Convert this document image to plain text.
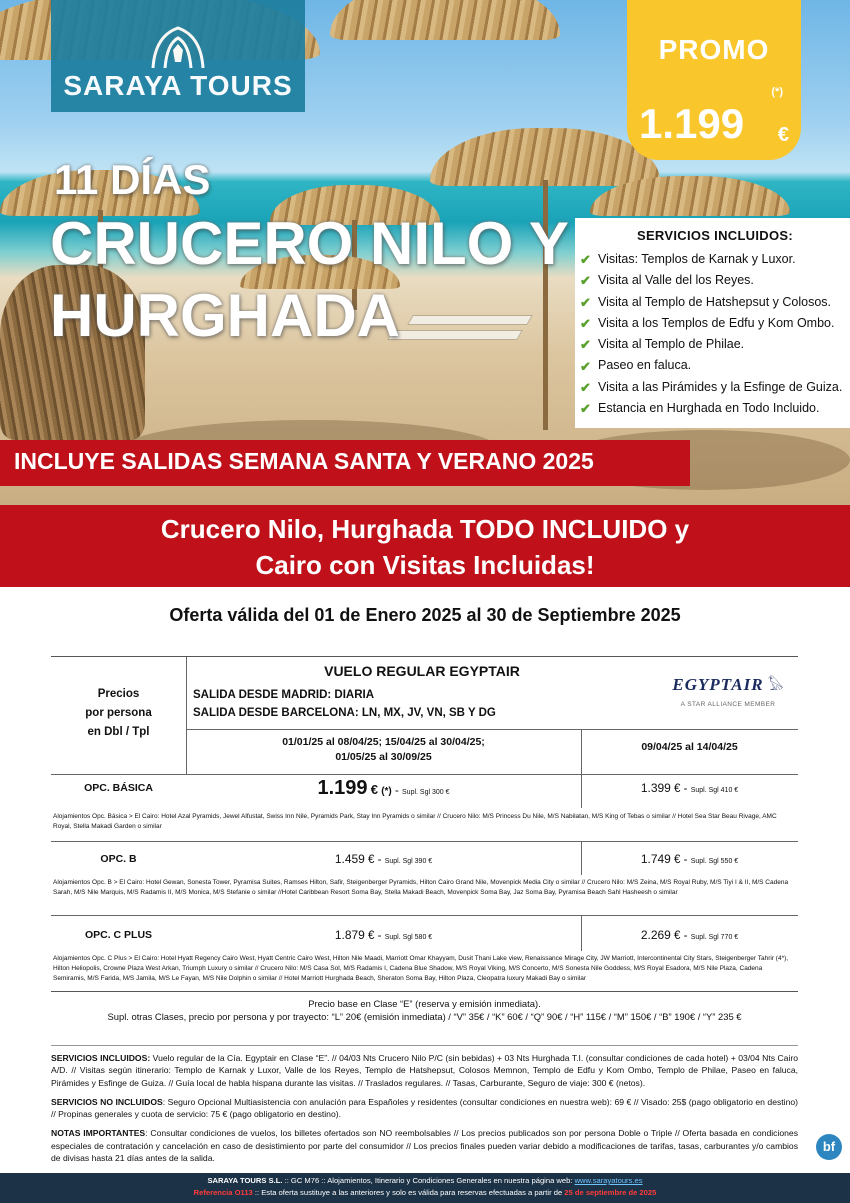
SARAYA TOURS
PROMO
(*)
1.199 €
11 DÍAS
CRUCERO NILO Y
HURGHADA
SERVICIOS INCLUIDOS:
✔ Visitas: Templos de Karnak y Luxor.
✔ Visita al Valle del los Reyes.
✔ Visita al Templo de Hatshepsut y Colosos.
✔ Visita a los Templos de Edfu y Kom Ombo.
✔ Visita al Templo de Philae.
✔ Paseo en faluca.
✔ Visita a las Pirámides y la Esfinge de Guiza.
✔ Estancia en Hurghada en Todo Incluido.
INCLUYE SALIDAS SEMANA SANTA Y VERANO 2025
Crucero Nilo, Hurghada TODO INCLUIDO y
Cairo con Visitas Incluidas!
Oferta válida del 01 de Enero 2025 al 30 de Septiembre 2025
Precios
por persona
en Dbl / Tpl
VUELO REGULAR EGYPTAIR
SALIDA DESDE MADRID: DIARIA
SALIDA DESDE BARCELONA: LN, MX, JV, VN, SB Y DG
EGYPTAIR 𓅃
A STAR ALLIANCE MEMBER
01/01/25 al 08/04/25; 15/04/25 al 30/04/25;
01/05/25 al 30/09/25
09/04/25 al 14/04/25
OPC. BÁSICA	1.199 € (*) - Supl. Sgl 300 €	1.399 € - Supl. Sgl 410 €
Alojamientos Opc. Básica > El Cairo: Hotel Azal Pyramids, Jewel Alfustat, Swiss Inn Nile, Pyramids Park, Stay Inn Pyramids o similar // Crucero Nilo: M/S Princess Du Nile, M/S Nabilatan, M/S King of Tebas o similar // Hotel Sea Star Beau Rivage, AMC Royal, Stella Makadi Garden o similar
OPC. B	1.459 € - Supl. Sgl 390 €	1.749 € - Supl. Sgl 550 €
Alojamientos Opc. B > El Cairo: Hotel Gewan, Sonesta Tower, Pyramisa Suites, Ramses Hilton, Safir, Steigenberger Pyramids, Hilton Cairo Grand Nile, Movenpick Media City o similar // Crucero Nilo: M/S Zeina, M/S Royal Ruby, M/S Tiyi I & II, M/S Cadena Sarah, M/S Nile Marquis, M/S Radamis II, M/S Monica, M/S Stefanie o similar //Hotel Caribbean Resort Soma Bay, Stella Makadi Beach, Movenpick Soma Bay, Jaz Soma Bay, Pyramisa Beach Sahl Hasheesh o similar
OPC. C PLUS	1.879 € - Supl. Sgl 580 €	2.269 € - Supl. Sgl 770 €
Alojamientos Opc. C Plus > El Cairo: Hotel Hyatt Regency Cairo West, Hyatt Centric Cairo West, Hilton Nile Maadi, Marriott Omar Khayyam, Dusit Thani Lake view, Renaissance Mirage City, JW Marriott, Intercontinental City Stars, Steigenberger Tahrir (4*), Hilton Heliopolis, Crowne Plaza West Arkan, Triumph Luxury o similar // Crucero Nilo: M/S Casa Sol, M/S Radamis I, Cadena Blue Shadow, M/S Royal Viking, M/S Concerto, M/S Sonesta Nile Goddess, M/S Royal Esadora, M/S Nile Plaza, Cadena Semiramis, M/S Farida, M/S Jamila, M/S Le Fayan, M/S Nile Dolphin o similar // Hotel Marriott Hurghada Beach, Sheraton Soma Bay, Hilton Plaza, Cleopatra luxury Makadi Bay o similar
Precio base en Clase “E” (reserva y emisión inmediata).
Supl. otras Clases, precio por persona y por trayecto: “L” 20€ (emisión inmediata) / “V” 35€ / “K” 60€ / “Q” 90€ / “H” 115€ / “M” 150€ / “B” 190€ / “Y” 235 €

SERVICIOS INCLUIDOS: Vuelo regular de la Cía. Egyptair en Clase “E”. // 04/03 Nts Crucero Nilo P/C (sin bebidas) + 03 Nts Hurghada T.I. (consultar condiciones de cada hotel) + 03/04 Nts Cairo A/D. // Visitas según itinerario: Templo de Karnak y Luxor, Valle de los Reyes, Templo de Hatshepsut, Colosos Memnon, Templo de Edfu y Kom Ombo, Templo de Philae, Paseo en faluca, Pirámides y Esfinge de Guiza. // Guía local de habla hispana durante las visitas. // Traslados regulares. // Tasas, Carburante, Seguro de viaje: 300 € (netos).

SERVICIOS NO INCLUIDOS: Seguro Opcional Multiasistencia con anulación para Españoles y residentes (consultar condiciones en nuestra web): 69 € // Visado: 25$ (pago obligatorio en destino) // Propinas generales y cuota de servicio: 75 € (pago obligatorio en destino).

NOTAS IMPORTANTES: Consultar condiciones de vuelos, los billetes ofertados son NO reembolsables // Los precios publicados son por persona Doble o Triple // Oferta basada en condiciones especiales de contratación y cancelación en caso de desistimiento por parte del consumidor // Los precios finales pueden variar debido a modificaciones de tarifas, tasas, carburantes y/o cambios de divisas hasta 21 días antes de la salida.

bf
SARAYA TOURS S.L. :: GC M76 :: Alojamientos, Itinerario y Condiciones Generales en nuestra página web: www.sarayatours.es
Referencia O113 :: Esta oferta sustituye a las anteriores y solo es válida para reservas efectuadas a partir de 25 de septiembre de 2025
